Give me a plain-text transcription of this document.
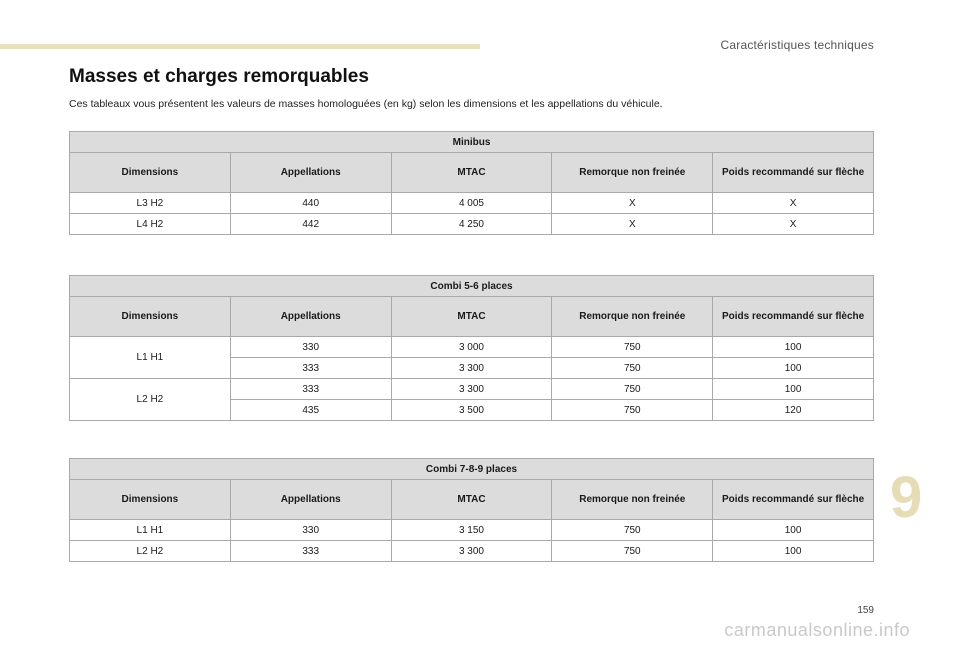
Caractéristiques techniques
Masses et charges remorquables
Ces tableaux vous présentent les valeurs de masses homologuées (en kg) selon les dimensions et les appellations du véhicule.
Minibus				
Dimensions	Appellations	MTAC	Remorque non freinée	Poids recommandé sur flèche
L3 H2	440	4 005	X	X
L4 H2	442	4 250	X	X
Combi 5-6 places				
Dimensions	Appellations	MTAC	Remorque non freinée	Poids recommandé sur flèche
L1 H1	330	3 000	750	100
	333	3 300	750	100
L2 H2	333	3 300	750	100
	435	3 500	750	120
Combi 7-8-9 places				
Dimensions	Appellations	MTAC	Remorque non freinée	Poids recommandé sur flèche
L1 H1	330	3 150	750	100
L2 H2	333	3 300	750	100
9
159
carmanualsonline.info
